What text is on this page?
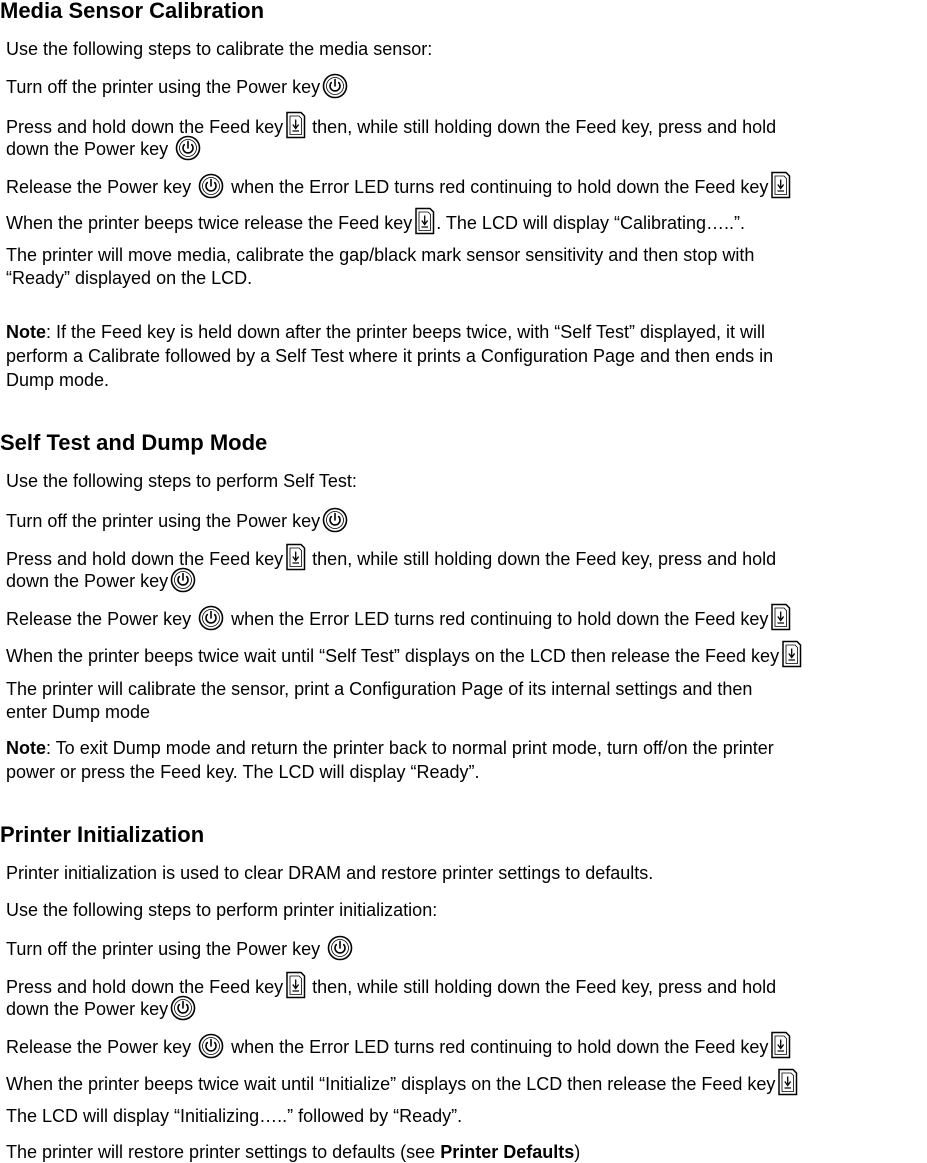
Media Sensor Calibration
Use the following steps to calibrate the media sensor:
Turn off the printer using the Power key
Press and hold down the Feed key
then, while still holding down the Feed key, press and hold
down the Power key
Release the Power key
when the Error LED turns red continuing to hold down the Feed key
When the printer beeps twice release the Feed key . The LCD will display “Calibrating…..”.
The printer will move media, calibrate the gap/black mark sensor sensitivity and then stop with
“Ready” displayed on the LCD.
Note: If the Feed key is held down after the printer beeps twice, with “Self Test” displayed, it will
perform a Calibrate followed by a Self Test where it prints a Configuration Page and then ends in
Dump mode.
Self Test and Dump Mode
Use the following steps to perform Self Test:
Turn off the printer using the Power key
Press and hold down the Feed key
then, while still holding down the Feed key, press and hold
down the Power key
Release the Power key
when the Error LED turns red continuing to hold down the Feed key
When the printer beeps twice wait until “Self Test” displays on the LCD then release the Feed key
The printer will calibrate the sensor, print a Configuration Page of its internal settings and then
enter Dump mode
Note: To exit Dump mode and return the printer back to normal print mode, turn off/on the printer
power or press the Feed key. The LCD will display “Ready”.
Printer Initialization
Printer initialization is used to clear DRAM and restore printer settings to defaults.
Use the following steps to perform printer initialization:
Turn off the printer using the Power key
Press and hold down the Feed key
then, while still holding down the Feed key, press and hold
down the Power key
Release the Power key
when the Error LED turns red continuing to hold down the Feed key
When the printer beeps twice wait until “Initialize” displays on the LCD then release the Feed key
The LCD will display “Initializing…..” followed by “Ready”.
The printer will restore printer settings to defaults (see Printer Defaults)
